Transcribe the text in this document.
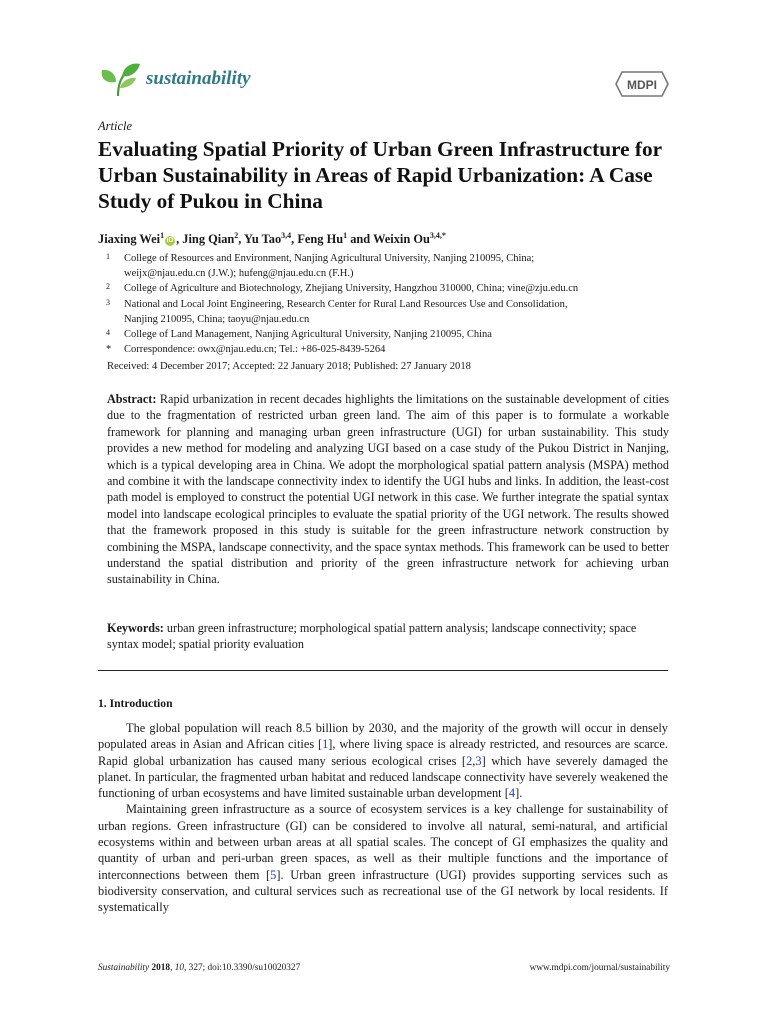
sustainability	MDPI
Article
Evaluating Spatial Priority of Urban Green Infrastructure for Urban Sustainability in Areas of Rapid Urbanization: A Case Study of Pukou in China
Jiaxing Wei$^1$iD , Jing Qian$^2$, Yu Tao$^{3,4}$, Feng Hu$^1$ and Weixin $Ou^{3,4,*}$
1 College of Resources and Environment, Nanjing Agricultural University, Nanjing 210095, China;
weijx@njau.edu.cn (J.W.); hufeng@njau.edu.cn (F.H.)
2 College of Agriculture and Biotechnology, Zhejiang University, Hangzhou 310000, China; vine@zju.edu.cn
3 National and Local Joint Engineering, Research Center for Rural Land Resources Use and Consolidation,
Nanjing 210095, China; taoyu@njau.edu.cn
4 College of Land Management, Nanjing Agricultural University, Nanjing 210095, China
* Correspondence: owx@njau.edu.cn; Tel.: +86-025-8439-5264
Received: 4 December 2017; Accepted: 22 January 2018; Published: 27 January 2018
Abstract: Rapid urbanization in recent decades highlights the limitations on the sustainable development of cities due to the fragmentation of restricted urban green land. The aim of this paper is to formulate a workable framework for planning and managing urban green infrastructure (UGI) for urban sustainability. This study provides a new method for modeling and analyzing UGI based on a case study of the Pukou District in Nanjing, which is a typical developing area in China. We adopt the morphological spatial pattern analysis (MSPA) method and combine it with the landscape connectivity index to identify the UGI hubs and links. In addition, the least-cost path model is employed to construct the potential UGI network in this case. We further integrate the spatial syntax model into landscape ecological principles to evaluate the spatial priority of the UGI network. The results showed that the framework proposed in this study is suitable for the green infrastructure network construction by combining the MSPA, landscape connectivity, and the space syntax methods. This framework can be used to better understand the spatial distribution and priority of the green infrastructure network for achieving urban sustainability in China.
Keywords: urban green infrastructure; morphological spatial pattern analysis; landscape connectivity; space syntax model; spatial priority evaluation
1. Introduction

The global population will reach 8.5 billion by 2030, and the majority of the growth will occur in densely populated areas in Asian and African cities [1], where living space is already restricted, and resources are scarce. Rapid global urbanization has caused many serious ecological crises [2,3] which have severely damaged the planet. In particular, the fragmented urban habitat and reduced landscape connectivity have severely weakened the functioning of urban ecosystems and have limited sustainable urban development [4].

Maintaining green infrastructure as a source of ecosystem services is a key challenge for sustainability of urban regions. Green infrastructure (GI) can be considered to involve all natural, semi-natural, and artificial ecosystems within and between urban areas at all spatial scales. The concept of GI emphasizes the quality and quantity of urban and peri-urban green spaces, as well as their multiple functions and the importance of interconnections between them [5]. Urban green infrastructure (UGI) provides supporting services such as biodiversity conservation, and cultural services such as recreational use of the GI network by local residents. If systematically

Sustainability 2018, 10, 327; doi:10.3390/su10020327	www.mdpi.com/journal/sustainability
